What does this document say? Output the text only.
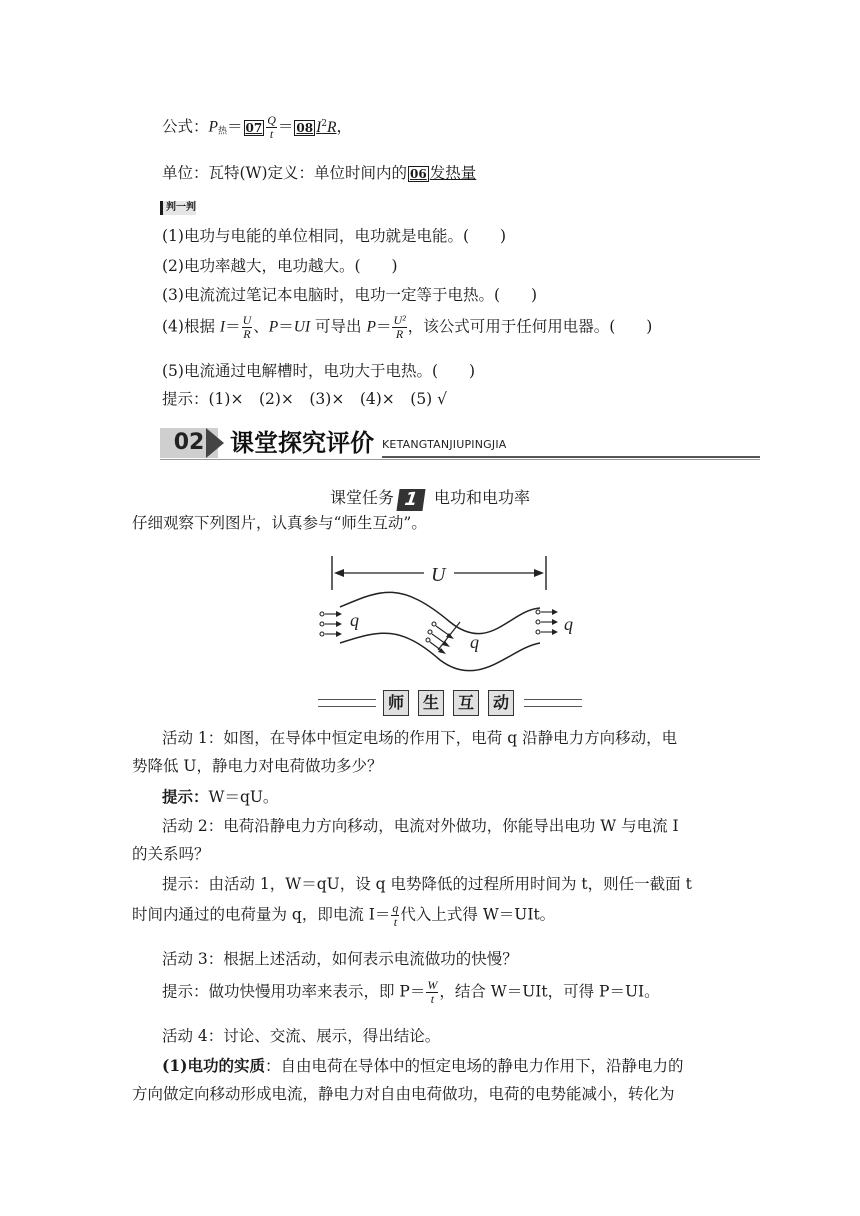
公式：$P_热= 07 \frac{Q}{t} = 08$ $I^2R$，
单位：瓦特(W)定义：单位时间内的 06 发热量
判一判
(1)电功与电能的单位相同，电功就是电能。(　　)
(2)电功率越大，电功越大。(　　)
(3)电流流过笔记本电脑时，电功一定等于电热。(　　)
(4)根据 $I= \frac{U}{R}$ 、P＝UI 可导出 $P= \frac{\text{U²}}{R}$ ，该公式可用于任何用电器。(　　)
(5)电流通过电解槽时，电功大于电热。(　　)
提示：(1)×　(2)×　(3)×　(4)×　(5) √
02	课堂探究评价 KETANGTANJIUPINGJIA
课堂任务 1 电功和电功率
仔细观察下列图片，认真参与“师生互动”。
U
q
q
q
师	生	互	动
活动 1：如图，在导体中恒定电场的作用下，电荷 q 沿静电力方向移动，电
势降低 U，静电力对电荷做功多少？
提示：W＝qU。
活动 2：电荷沿静电力方向移动，电流对外做功，你能导出电功 W 与电流 I
的关系吗？
提示：由活动 1，W＝qU，设 q 电势降低的过程所用时间为 t，则任一截面 t
时间内通过的电荷量为 q，即电流 $I= \frac{q}{t}$ 代入上式得 W＝UIt。
活动 3：根据上述活动，如何表示电流做功的快慢？
提示：做功快慢用功率来表示，即 $P= \frac{W}{t}$ ，结合 W＝UIt，可得 P＝UI。
活动 4：讨论、交流、展示，得出结论。
(1)电功的实质：自由电荷在导体中的恒定电场的静电力作用下，沿静电力的
方向做定向移动形成电流，静电力对自由电荷做功，电荷的电势能减小，转化为
